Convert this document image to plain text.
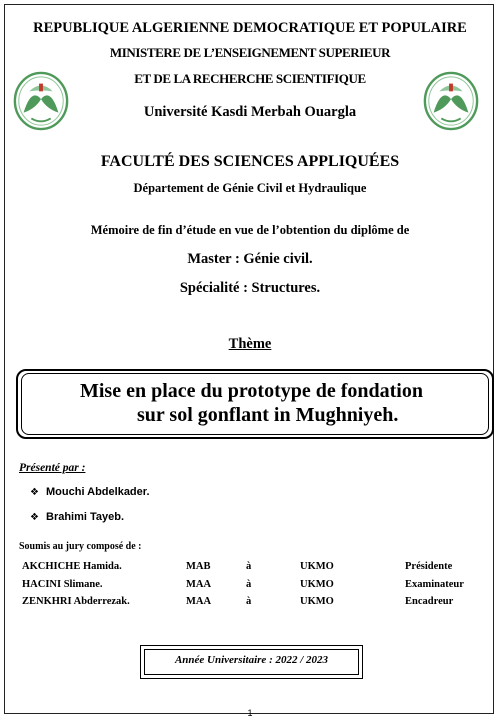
REPUBLIQUE ALGERIENNE DEMOCRATIQUE ET POPULAIRE
MINISTERE DE L’ENSEIGNEMENT SUPERIEUR
ET DE LA RECHERCHE SCIENTIFIQUE
Université Kasdi Merbah Ouargla
FACULTÉ DES SCIENCES APPLIQUÉES
Département de Génie Civil et Hydraulique
Mémoire de fin d’étude en vue de l’obtention du diplôme de
Master : Génie civil.
Spécialité : Structures.
Thème
Mise en place du prototype de fondation
sur sol gonflant in Mughniyeh.
Présenté par :
❖ Mouchi Abdelkader.
❖ Brahimi Tayeb.
Soumis au jury composé de :
AKCHICHE Hamida.	MAB	à	UKMO	Présidente
HACINI Slimane.	MAA	à	UKMO	Examinateur
ZENKHRI Abderrezak.	MAA	à	UKMO	Encadreur
Année Universitaire : 2022 / 2023
1
